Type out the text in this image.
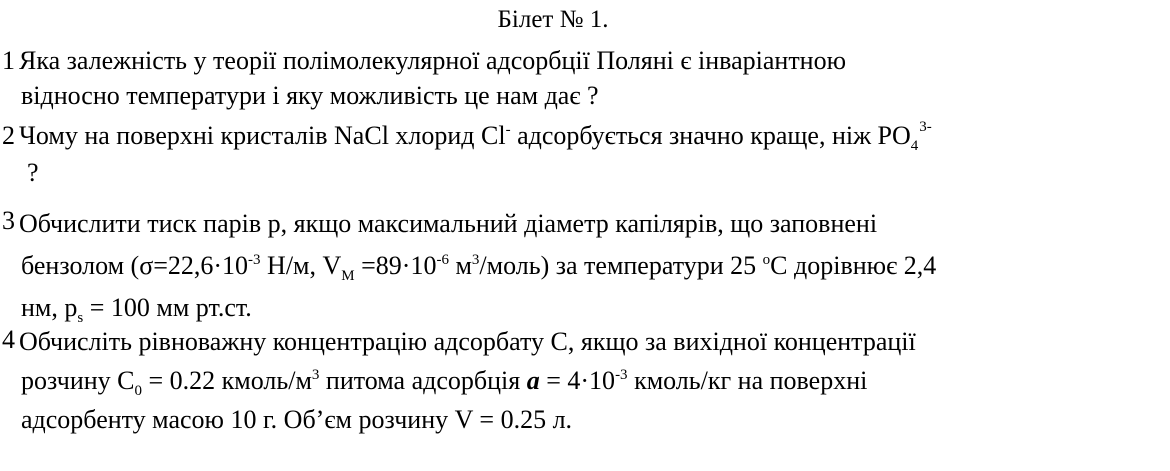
Білет № 1.
1 Яка залежність у теорії полімолекулярної адсорбції Поляні є інваріантною
відносно температури і яку можливість це нам дає ?
2 Чому на поверхні кристалів NaCl хлорид Cl- адсорбується значно краще, ніж $PO_4^{3-}$
?
3 Обчислити тиск парів р, якщо максимальний діаметр капілярів, що заповнені
бензолом ($\sigma=22,6\cdot 10^{-3}$ Н/м, $V_M =89\cdot 10^{-6}$ $м^3/моль$) за температури 25 $^о$С дорівнює 2,4
нм, $p_s = 100$ мм рт.ст.
4 Обчисліть рівноважну концентрацію адсорбату С, якщо за вихідної концентрації
розчину $С_0 = 0.22$ кмоль/$м^3$ питома адсорбція $a = 4\cdot 10^{-3}$ кмоль/кг на поверхні
адсорбенту масою 10 г. Об’єм розчину V = 0.25 л.
